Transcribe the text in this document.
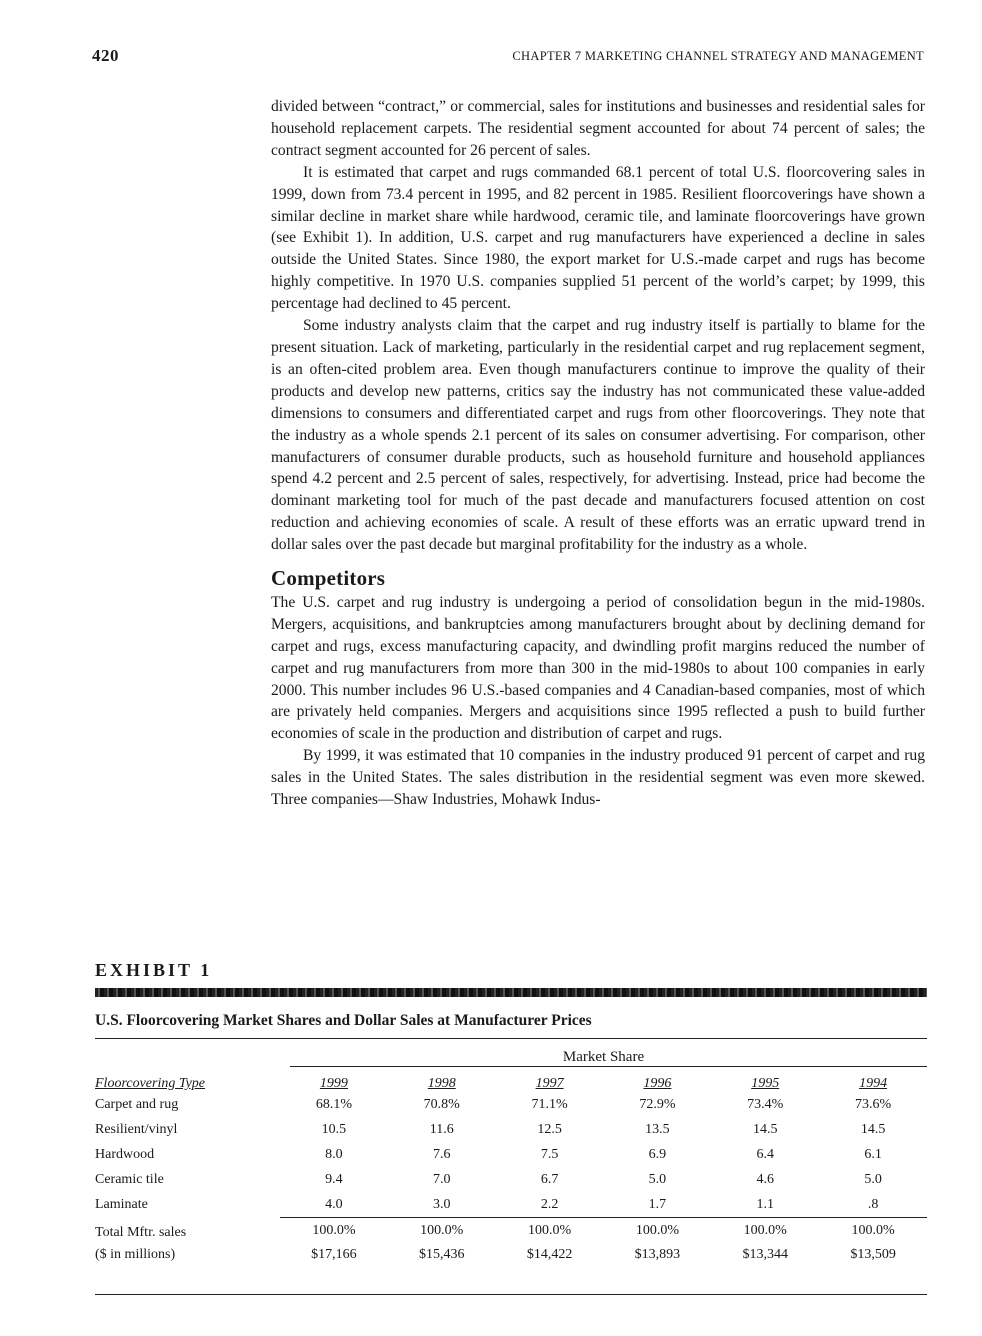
420	CHAPTER 7 MARKETING CHANNEL STRATEGY AND MANAGEMENT

divided between “contract,” or commercial, sales for institutions and businesses and residential sales for household replacement carpets. The residential segment accounted for about 74 percent of sales; the contract segment accounted for 26 percent of sales.

It is estimated that carpet and rugs commanded 68.1 percent of total U.S. floorcovering sales in 1999, down from 73.4 percent in 1995, and 82 percent in 1985. Resilient floorcoverings have shown a similar decline in market share while hardwood, ceramic tile, and laminate floorcoverings have grown (see Exhibit 1). In addition, U.S. carpet and rug manufacturers have experienced a decline in sales outside the United States. Since 1980, the export market for U.S.-made carpet and rugs has become highly competitive. In 1970 U.S. companies supplied 51 percent of the world’s carpet; by 1999, this percentage had declined to 45 percent.

Some industry analysts claim that the carpet and rug industry itself is partially to blame for the present situation. Lack of marketing, particularly in the residential carpet and rug replacement segment, is an often-cited problem area. Even though manufacturers continue to improve the quality of their products and develop new patterns, critics say the industry has not communicated these value-added dimensions to consumers and differentiated carpet and rugs from other floorcoverings. They note that the industry as a whole spends 2.1 percent of its sales on consumer advertising. For comparison, other manufacturers of consumer durable products, such as household furniture and household appliances spend 4.2 percent and 2.5 percent of sales, respectively, for advertising. Instead, price had become the dominant marketing tool for much of the past decade and manufacturers focused attention on cost reduction and achieving economies of scale. A result of these efforts was an erratic upward trend in dollar sales over the past decade but marginal profitability for the industry as a whole.

Competitors

The U.S. carpet and rug industry is undergoing a period of consolidation begun in the mid-1980s. Mergers, acquisitions, and bankruptcies among manufacturers brought about by declining demand for carpet and rugs, excess manufacturing capacity, and dwindling profit margins reduced the number of carpet and rug manufacturers from more than 300 in the mid-1980s to about 100 companies in early 2000. This number includes 96 U.S.-based companies and 4 Canadian-based companies, most of which are privately held companies. Mergers and acquisitions since 1995 reflected a push to build further economies of scale in the production and distribution of carpet and rugs.

By 1999, it was estimated that 10 companies in the industry produced 91 percent of carpet and rug sales in the United States. The sales distribution in the residential segment was even more skewed. Three companies—Shaw Industries, Mohawk Indus-

EXHIBIT 1
U.S. Floorcovering Market Shares and Dollar Sales at Manufacturer Prices
	Market Share					
Floorcovering Type	1999	1998	1997	1996	1995	1994
Carpet and rug	68.1%	70.8%	71.1%	72.9%	73.4%	73.6%
Resilient/vinyl	10.5	11.6	12.5	13.5	14.5	14.5
Hardwood	8.0	7.6	7.5	6.9	6.4	6.1
Ceramic tile	9.4	7.0	6.7	5.0	4.6	5.0
Laminate	4.0	3.0	2.2	1.7	1.1	.8
Total Mftr. sales	100.0%	100.0%	100.0%	100.0%	100.0%	100.0%
($ in millions)	$17,166	$15,436	$14,422	$13,893	$13,344	$13,509
